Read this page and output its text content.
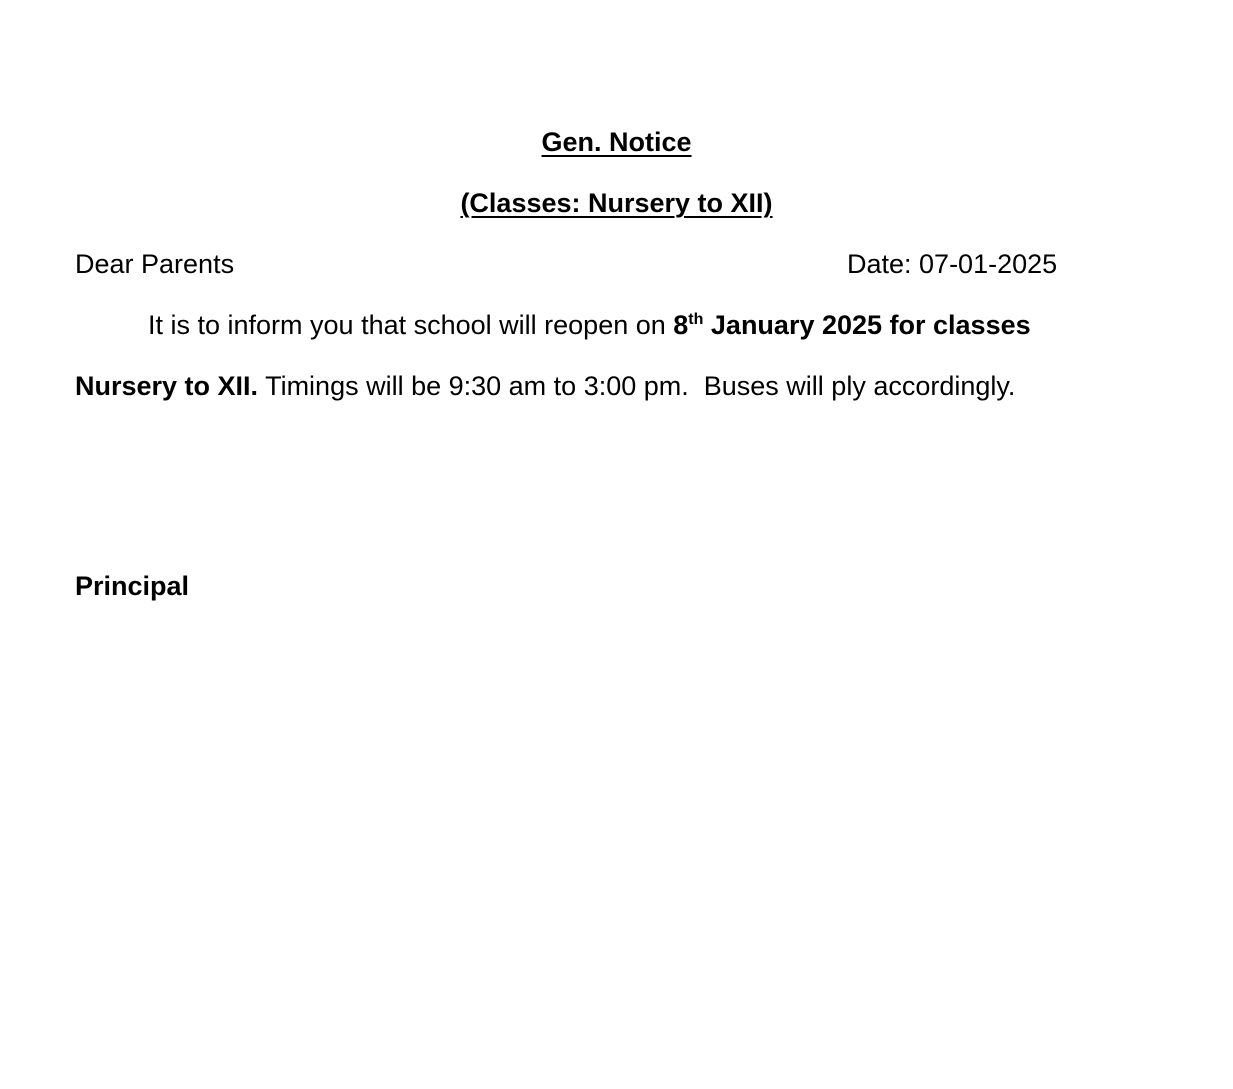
Gen. Notice
(Classes: Nursery to XII)
Dear Parents	Date: 07-01-2025
It is to inform you that school will reopen on 8th January 2025 for classes
Nursery to XII. Timings will be 9:30 am to 3:00 pm.  Buses will ply accordingly.
Principal
